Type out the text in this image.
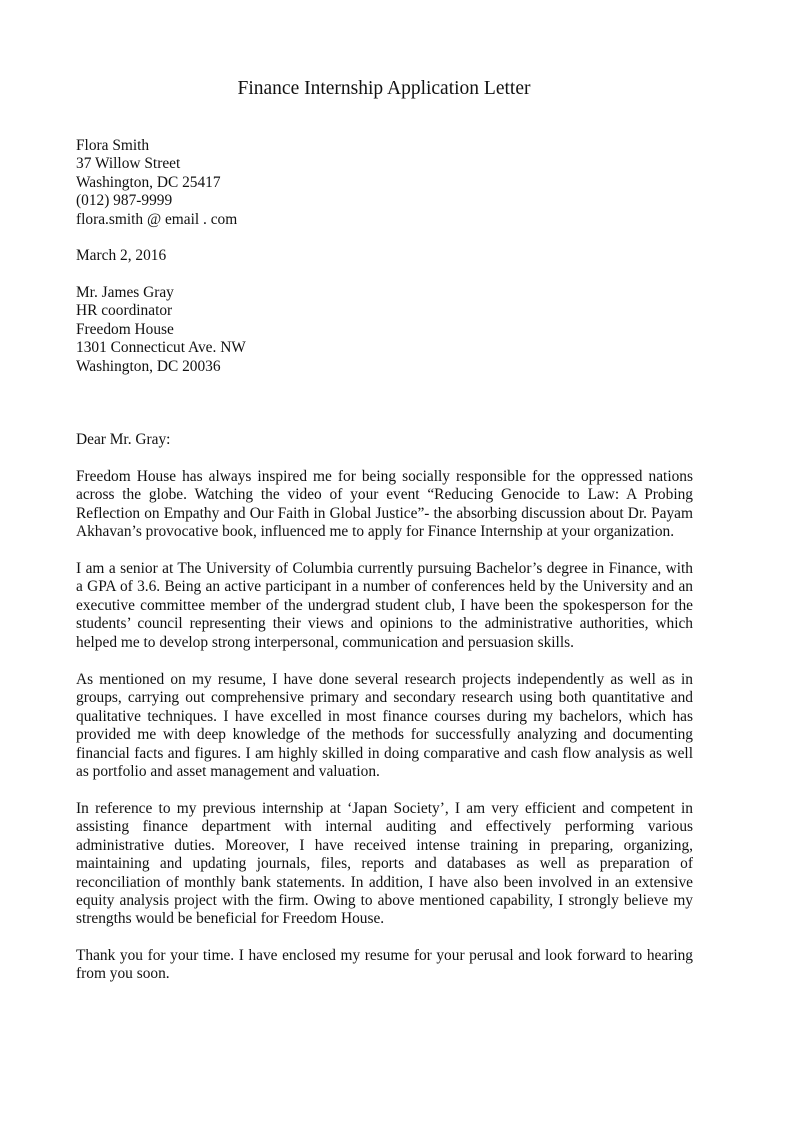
Finance Internship Application Letter
Flora Smith
37 Willow Street
Washington, DC 25417
(012) 987-9999
flora.smith @ email . com
March 2, 2016
Mr. James Gray
HR coordinator
Freedom House
1301 Connecticut Ave. NW
Washington, DC 20036
Dear Mr. Gray:

Freedom House has always inspired me for being socially responsible for the oppressed nations across the globe. Watching the video of your event “Reducing Genocide to Law: A Probing Reflection on Empathy and Our Faith in Global Justice”- the absorbing discussion about Dr. Payam Akhavan’s provocative book, influenced me to apply for Finance Internship at your organization.

I am a senior at The University of Columbia currently pursuing Bachelor’s degree in Finance, with a GPA of 3.6. Being an active participant in a number of conferences held by the University and an executive committee member of the undergrad student club, I have been the spokesperson for the students’ council representing their views and opinions to the administrative authorities, which helped me to develop strong interpersonal, communication and persuasion skills.

As mentioned on my resume, I have done several research projects independently as well as in groups, carrying out comprehensive primary and secondary research using both quantitative and qualitative techniques. I have excelled in most finance courses during my bachelors, which has provided me with deep knowledge of the methods for successfully analyzing and documenting financial facts and figures. I am highly skilled in doing comparative and cash flow analysis as well as portfolio and asset management and valuation.

In reference to my previous internship at ‘Japan Society’, I am very efficient and competent in assisting finance department with internal auditing and effectively performing various administrative duties. Moreover, I have received intense training in preparing, organizing, maintaining and updating journals, files, reports and databases as well as preparation of reconciliation of monthly bank statements. In addition, I have also been involved in an extensive equity analysis project with the firm. Owing to above mentioned capability, I strongly believe my strengths would be beneficial for Freedom House.

Thank you for your time. I have enclosed my resume for your perusal and look forward to hearing from you soon.
